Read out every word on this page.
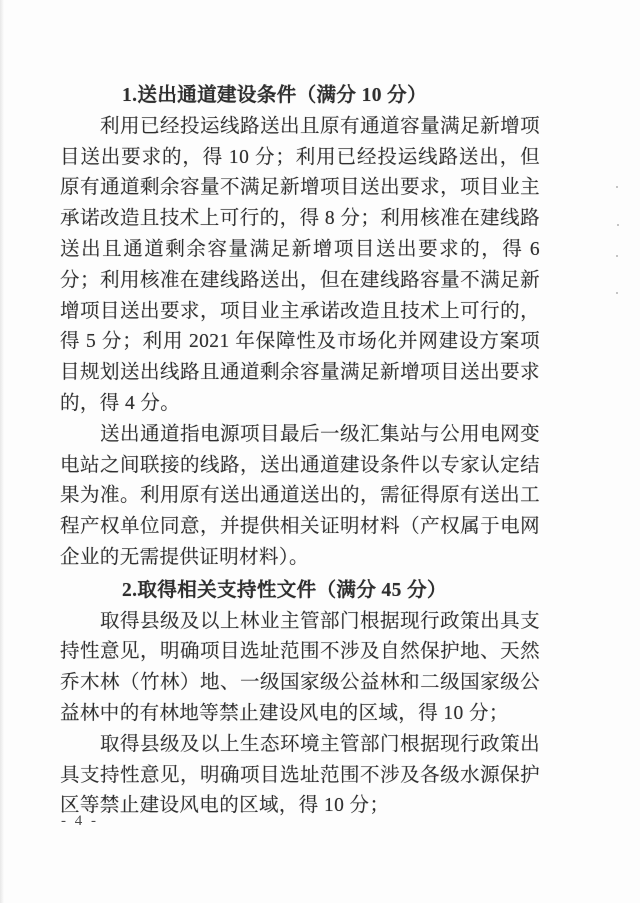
1.送出通道建设条件（满分 10 分）

利用已经投运线路送出且原有通道容量满足新增项目送出要求的，得 10 分；利用已经投运线路送出，但原有通道剩余容量不满足新增项目送出要求，项目业主承诺改造且技术上可行的，得 8 分；利用核准在建线路送出且通道剩余容量满足新增项目送出要求的，得 6 分；利用核准在建线路送出，但在建线路容量不满足新增项目送出要求，项目业主承诺改造且技术上可行的，得 5 分；利用 2021 年保障性及市场化并网建设方案项目规划送出线路且通道剩余容量满足新增项目送出要求的，得 4 分。

送出通道指电源项目最后一级汇集站与公用电网变电站之间联接的线路，送出通道建设条件以专家认定结果为准。利用原有送出通道送出的，需征得原有送出工程产权单位同意，并提供相关证明材料（产权属于电网企业的无需提供证明材料）。

2.取得相关支持性文件（满分 45 分）

取得县级及以上林业主管部门根据现行政策出具支持性意见，明确项目选址范围不涉及自然保护地、天然乔木林（竹林）地、一级国家级公益林和二级国家级公益林中的有林地等禁止建设风电的区域，得 10 分；

取得县级及以上生态环境主管部门根据现行政策出具支持性意见，明确项目选址范围不涉及各级水源保护区等禁止建设风电的区域，得 10 分；

- 4 -
